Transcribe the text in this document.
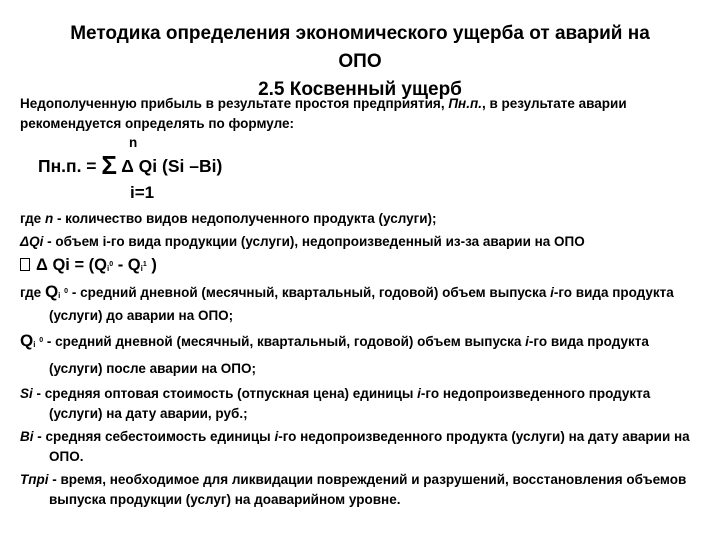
Методика определения экономического ущерба от аварий на
ОПО
2.5 Косвенный ущерб

Недополученную прибыль в результате простоя предприятия, Пн.п., в результате аварии рекомендуется определять по формуле:

n
Пн.п. = Σ Δ Qi (Si –Bi)
i=1

где n - количество видов недополученного продукта (услуги);

ΔQi - объем i-го вида продукции (услуги), недопроизведенный из-за аварии на ОПО

Δ $Qi = (Qi^0 - Qi^1$ )

где Qi $^0$ - средний дневной (месячный, квартальный, годовой) объем выпуска i-го вида продукта (услуги) до аварии на ОПО;

Qi $^0$ - средний дневной (месячный, квартальный, годовой) объем выпуска i-го вида продукта (услуги) после аварии на ОПО;

Si - средняя оптовая стоимость (отпускная цена) единицы i-го недопроизведенного продукта (услуги) на дату аварии, руб.;

Bi - средняя себестоимость единицы i-го недопроизведенного продукта (услуги) на дату аварии на ОПО.

Tпрi - время, необходимое для ликвидации повреждений и разрушений, восстановления объемов выпуска продукции (услуг) на доаварийном уровне.
